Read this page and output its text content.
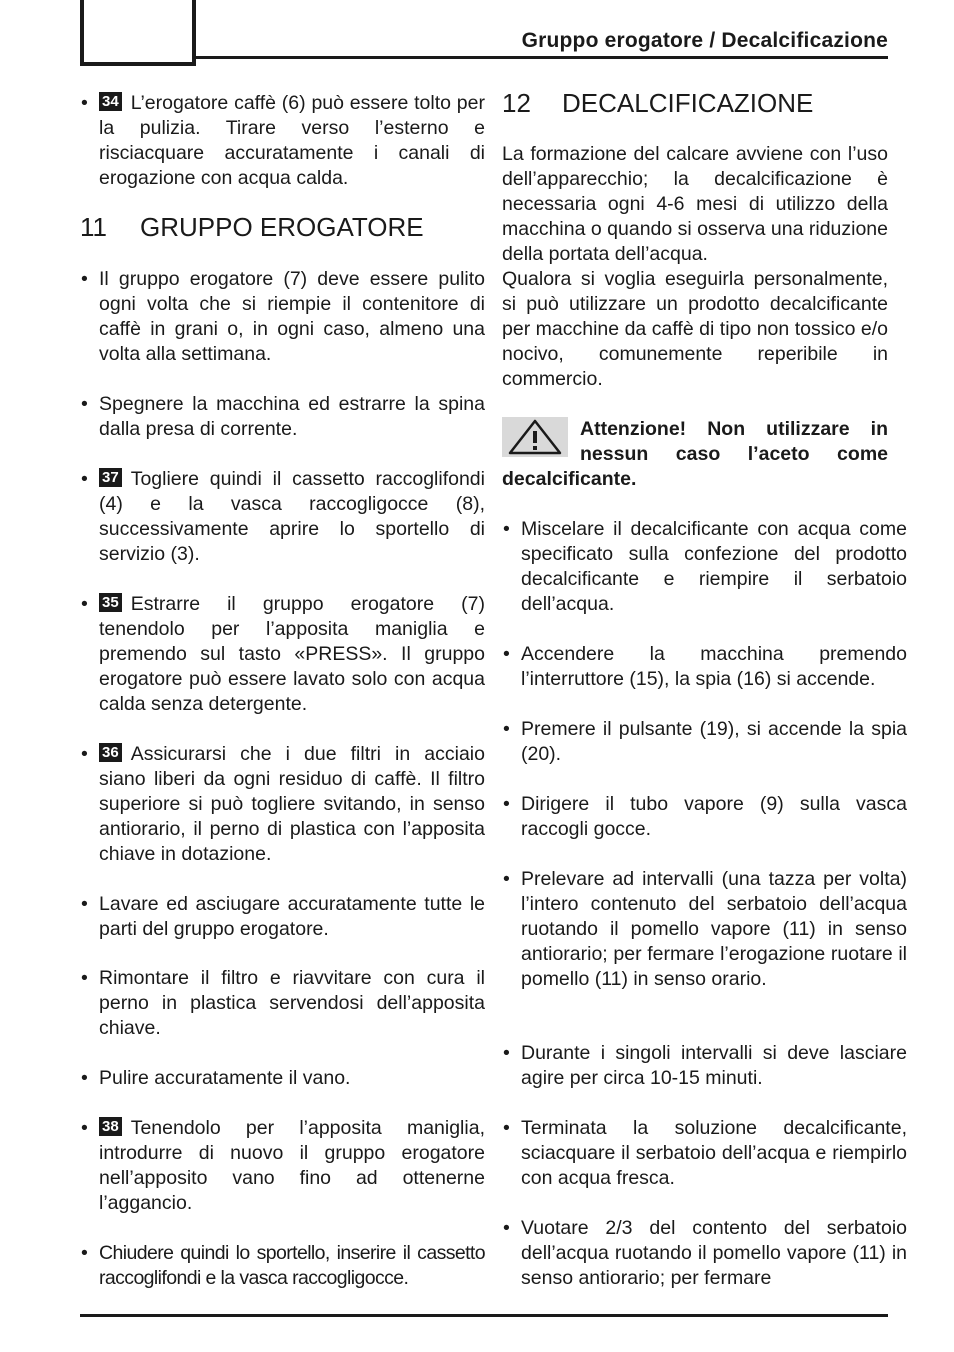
Gruppo erogatore / Decalcificazione
• 34 L’erogatore caffè (6) può essere tolto per la pulizia. Tirare verso l’esterno e risciacquare accuratamente i canali di erogazione con acqua calda.
11 GRUPPO EROGATORE
• Il gruppo erogatore (7) deve essere pulito ogni volta che si riempie il contenitore di caffè in grani o, in ogni caso, almeno una volta alla settimana.
• Spegnere la macchina ed estrarre la spina dalla presa di corrente.
• 37 Togliere quindi il cassetto raccoglifondi (4) e la vasca raccogligocce (8), successivamente aprire lo sportello di servizio (3).
• 35 Estrarre il gruppo erogatore (7) tenendolo per l’apposita maniglia e premendo sul tasto «PRESS». Il gruppo erogatore può essere lavato solo con acqua calda senza detergente.
• 36 Assicurarsi che i due filtri in acciaio siano liberi da ogni residuo di caffè. Il filtro superiore si può togliere svitando, in senso antiorario, il perno di plastica con l’apposita chiave in dotazione.
• Lavare ed asciugare accuratamente tutte le parti del gruppo erogatore.
• Rimontare il filtro e riavvitare con cura il perno in plastica servendosi dell’apposita chiave.
• Pulire accuratamente il vano.
• 38 Tenendolo per l’apposita maniglia, introdurre di nuovo il gruppo erogatore nell’apposito vano fino ad ottenerne l’aggancio.
• Chiudere quindi lo sportello, inserire il cassetto raccoglifondi e la vasca raccogligocce.
12 DECALCIFICAZIONE
La formazione del calcare avviene con l’uso dell’apparecchio; la decalcificazione è necessaria ogni 4-6 mesi di utilizzo della macchina o quando si osserva una riduzione della portata dell’acqua.
Qualora si voglia eseguirla personalmente, si può utilizzare un prodotto decalcificante per macchine da caffè di tipo non tossico e/o nocivo, comunemente reperibile in commercio.
Attenzione! Non utilizzare in nessun caso l’aceto come decalcificante.
• Miscelare il decalcificante con acqua come specificato sulla confezione del prodotto decalcificante e riempire il serbatoio dell’acqua.
• Accendere la macchina premendo l’interruttore (15), la spia (16) si accende.
• Premere il pulsante (19), si accende la spia (20).
• Dirigere il tubo vapore (9) sulla vasca raccogli gocce.
• Prelevare ad intervalli (una tazza per volta) l’intero contenuto del serbatoio dell’acqua ruotando il pomello vapore (11) in senso antiorario; per fermare l’erogazione ruotare il pomello (11) in senso orario.
• Durante i singoli intervalli si deve lasciare agire per circa 10-15 minuti.
• Terminata la soluzione decalcificante, sciacquare il serbatoio dell’acqua e riempirlo con acqua fresca.
• Vuotare 2/3 del contento del serbatoio dell’acqua ruotando il pomello vapore (11) in senso antiorario; per fermare
